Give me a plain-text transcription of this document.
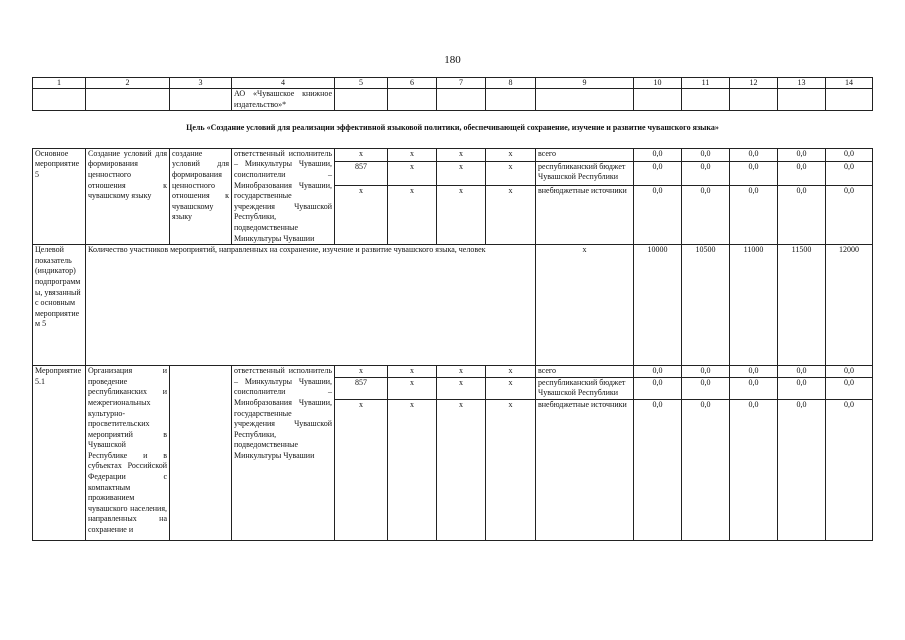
180
1	2	3	4	5	6	7	8	9	10	11	12	13	14
			АО «Чувашское книжное издательство»*										
Цель «Создание условий для реализации эффективной языковой политики, обеспечивающей сохранение, изучение и развитие чувашского языка»													
Основное мероприятие 5	Создание условий для формирования ценностного отношения к чувашскому языку	создание условий для формирования ценностного отношения к чувашскому языку	ответственный исполнитель – Минкультуры Чувашии, соисполнители – Минобразования Чувашии, государственные учреждения Чувашской Республики, подведомственные Минкультуры Чувашии	x	x	x	x	всего	0,0	0,0	0,0	0,0	0,0
				857	x	x	x	республиканский бюджет Чувашской Республики	0,0	0,0	0,0	0,0	0,0
				x	x	x	x	внебюджетные источники	0,0	0,0	0,0	0,0	0,0
Целевой показатель (индикатор) подпрограммы, увязанный с основным мероприятием 5	Количество участников мероприятий, направленных на сохранение, изучение и развитие чувашского языка, человек							x	10000	10500	11000	11500	12000
Мероприятие 5.1	Организация и проведение республиканских и межрегиональных культурно-просветительских мероприятий в Чувашской Республике и в субъектах Российской Федерации с компактным проживанием чувашского населения, направленных на сохранение и		ответственный исполнитель – Минкультуры Чувашии, соисполнители – Минобразования Чувашии, государственные учреждения Чувашской Республики, подведомственные Минкультуры Чувашии	x	x	x	x	всего	0,0	0,0	0,0	0,0	0,0
				857	x	x	x	республиканский бюджет Чувашской Республики	0,0	0,0	0,0	0,0	0,0
				x	x	x	x	внебюджетные источники	0,0	0,0	0,0	0,0	0,0
